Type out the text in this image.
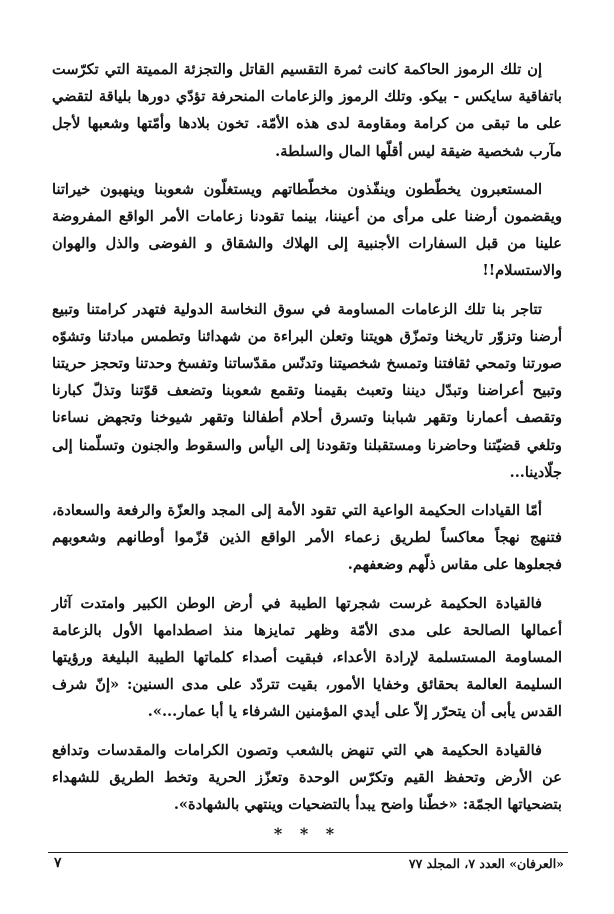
إن تلك الرموز الحاكمة كانت ثمرة التقسيم القاتل والتجزئة المميتة التي تكرّست باتفاقية سايكس - بيكو. وتلك الرموز والزعامات المنحرفة تؤدّي دورها بلياقة لتقضي على ما تبقى من كرامة ومقاومة لدى هذه الأمّة. تخون بلادها وأمّتها وشعبها لأجل مآرب شخصية ضيقة ليس أقلّها المال والسلطة.

المستعبرون يخطّطون وينفّذون مخطّطاتهم ويستغلّون شعوبنا وينهبون خيراتنا ويقضمون أرضنا على مرأى من أعيننا، بينما تقودنا زعامات الأمر الواقع المفروضة علينا من قبل السفارات الأجنبية إلى الهلاك والشقاق و الفوضى والذل والهوان والاستسلام!!

تتاجر بنا تلك الزعامات المساومة في سوق النخاسة الدولية فتهدر كرامتنا وتبيع أرضنا وتزوّر تاريخنا وتمزّق هويتنا وتعلن البراءة من شهدائنا وتطمس مبادئنا وتشوّه صورتنا وتمحي ثقافتنا وتمسخ شخصيتنا وتدنّس مقدّساتنا وتفسخ وحدتنا وتحجز حريتنا وتبيح أعراضنا وتبدّل ديننا وتعبث بقيمنا وتقمع شعوبنا وتضعف قوّتنا وتذلّ كبارنا وتقصف أعمارنا وتقهر شبابنا وتسرق أحلام أطفالنا وتقهر شيوخنا وتجهض نساءنا وتلغي قضيّتنا وحاضرنا ومستقبلنا وتقودنا إلى اليأس والسقوط والجنون وتسلّمنا إلى جلّادينا...

أمّا القيادات الحكيمة الواعية التي تقود الأمة إلى المجد والعزّة والرفعة والسعادة، فتنهج نهجاً معاكساً لطريق زعماء الأمر الواقع الذين قزّموا أوطانهم وشعوبهم فجعلوها على مقاس ذلّهم وضعفهم.

فالقيادة الحكيمة غرست شجرتها الطيبة في أرض الوطن الكبير وامتدت آثار أعمالها الصالحة على مدى الأمّة وظهر تمايزها منذ اصطدامها الأول بالزعامة المساومة المستسلمة لإرادة الأعداء، فبقيت أصداء كلماتها الطيبة البليغة ورؤيتها السليمة العالمة بحقائق وخفايا الأمور، بقيت تتردّد على مدى السنين: «إنّ شرف القدس يأبى أن يتحرّر إلاّ على أيدي المؤمنين الشرفاء يا أبا عمار...».

فالقيادة الحكيمة هي التي تنهض بالشعب وتصون الكرامات والمقدسات وتدافع عن الأرض وتحفظ القيم وتكرّس الوحدة وتعزّز الحرية وتخط الطريق للشهداء بتضحياتها الجمّة: «خطّنا واضح يبدأ بالتضحيات وينتهي بالشهادة».

* * *
٧	«العرفان» العدد ٧، المجلد ٧٧
